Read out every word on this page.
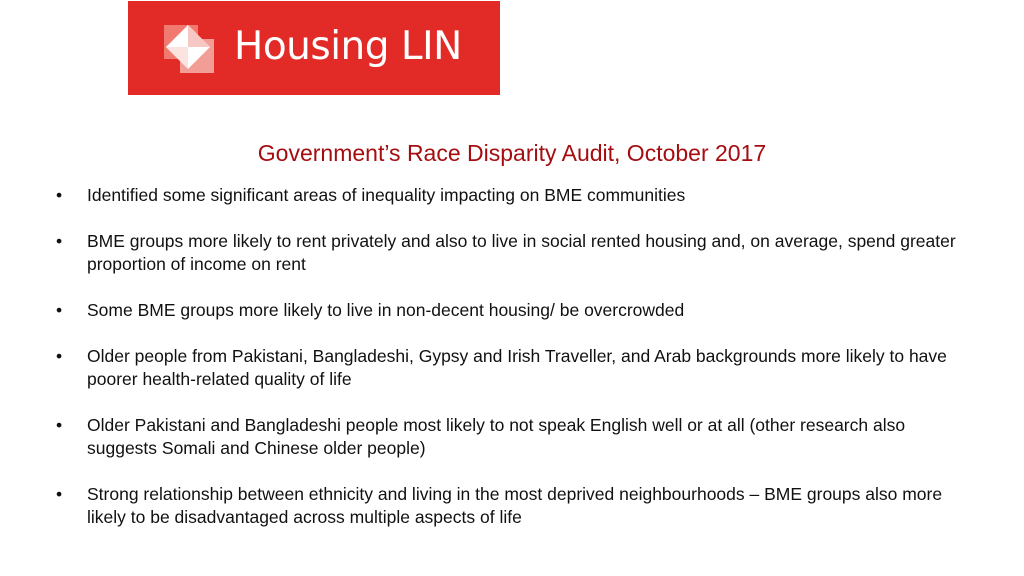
Housing LIN
Government’s Race Disparity Audit, October 2017
•	Identified some significant areas of inequality impacting on BME communities
•	BME groups more likely to rent privately and also to live in social rented housing and, on average, spend greater proportion of income on rent
•	Some BME groups more likely to live in non-decent housing/ be overcrowded
•	Older people from Pakistani, Bangladeshi, Gypsy and Irish Traveller, and Arab backgrounds more likely to have poorer health-related quality of life
•	Older Pakistani and Bangladeshi people most likely to not speak English well or at all (other research also suggests Somali and Chinese older people)
•	Strong relationship between ethnicity and living in the most deprived neighbourhoods – BME groups also more likely to be disadvantaged across multiple aspects of life
